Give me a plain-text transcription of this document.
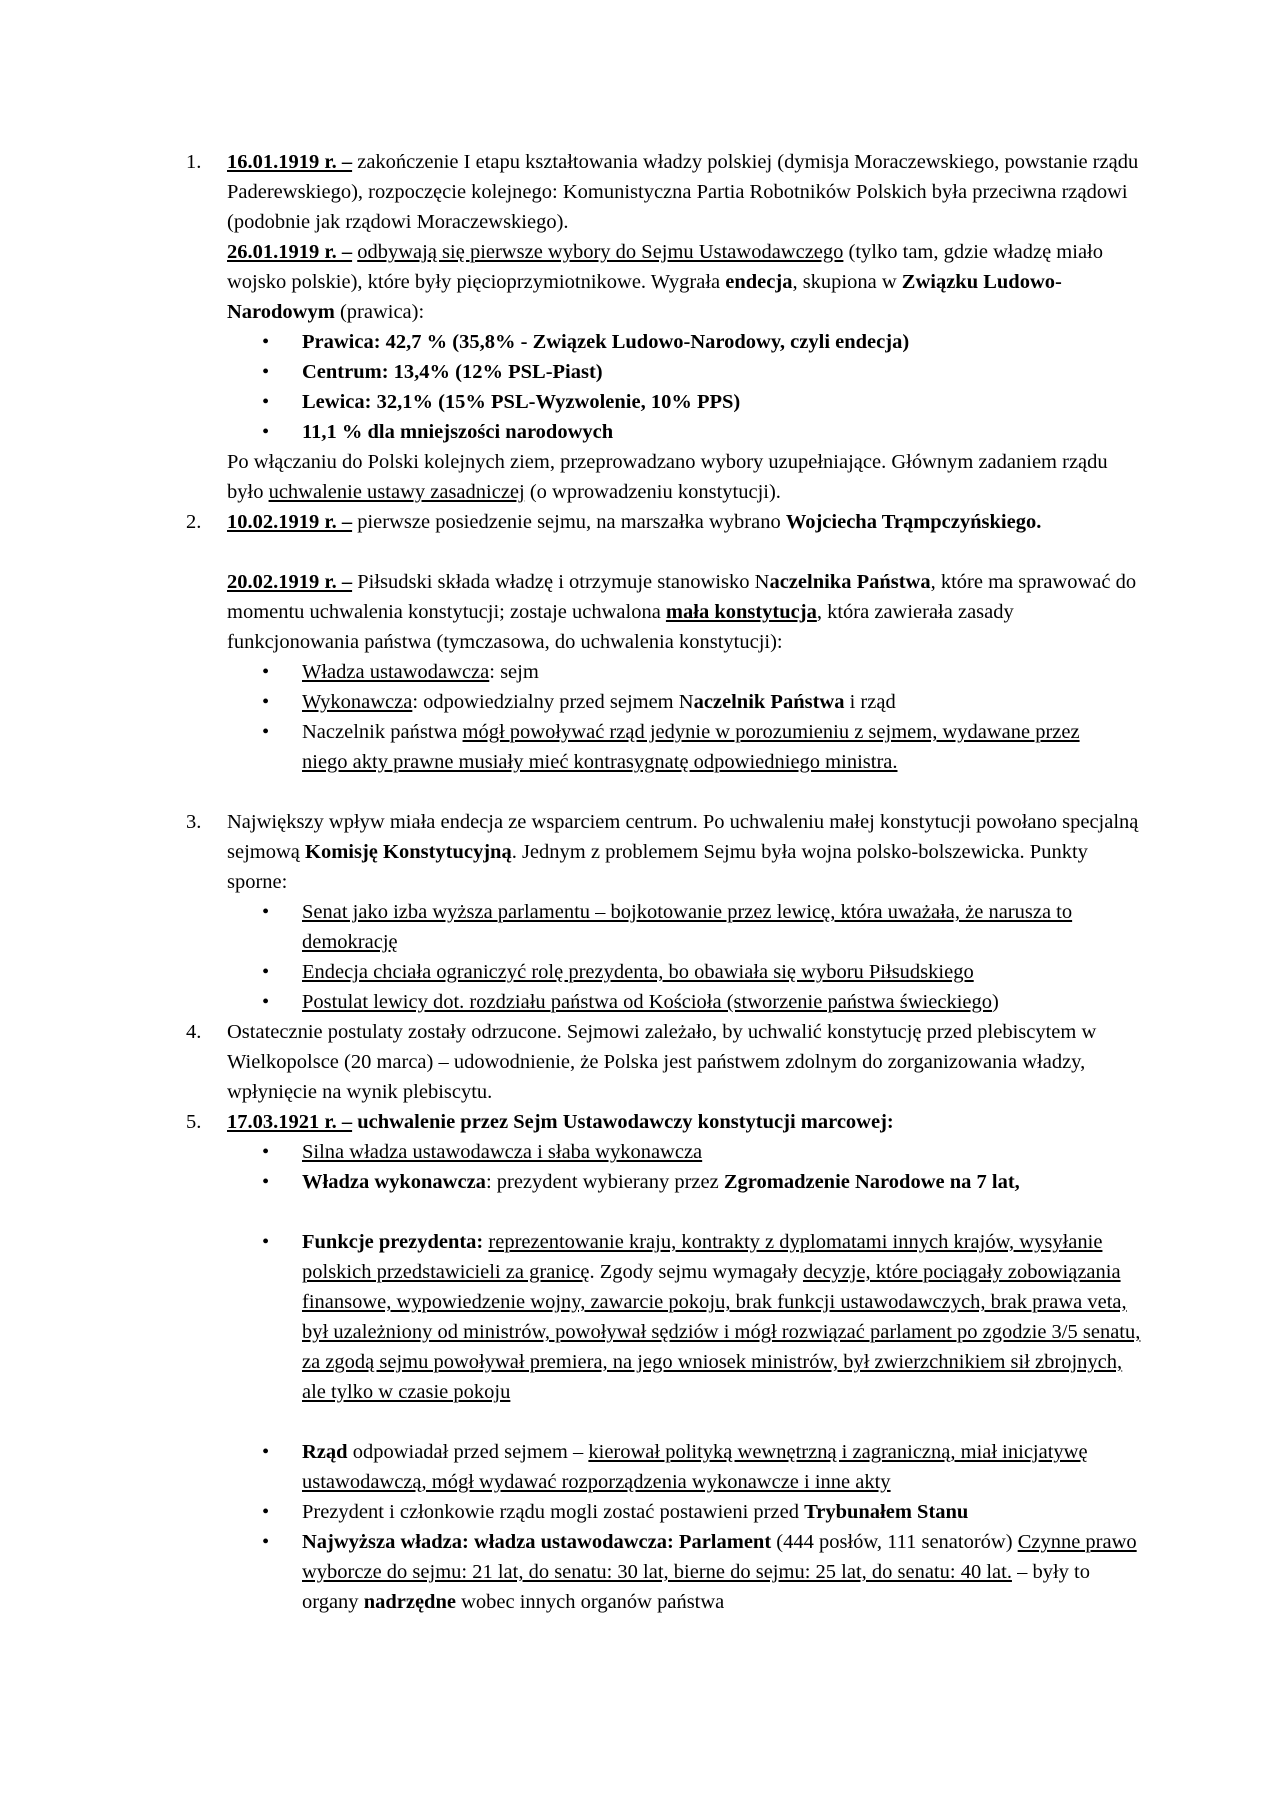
1.	16.01.1919 r. – zakończenie I etapu kształtowania władzy polskiej (dymisja Moraczewskiego, powstanie rządu Paderewskiego), rozpoczęcie kolejnego: Komunistyczna Partia Robotników Polskich była przeciwna rządowi (podobnie jak rządowi Moraczewskiego).
26.01.1919 r. – odbywają się pierwsze wybory do Sejmu Ustawodawczego (tylko tam, gdzie władzę miało wojsko polskie), które były pięcioprzymiotnikowe. Wygrała endecja, skupiona w Związku Ludowo-Narodowym (prawica):
• Prawica: 42,7 % (35,8% - Związek Ludowo-Narodowy, czyli endecja)
• Centrum: 13,4% (12% PSL-Piast)
• Lewica: 32,1% (15% PSL-Wyzwolenie, 10% PPS)
• 11,1 % dla mniejszości narodowych
Po włączaniu do Polski kolejnych ziem, przeprowadzano wybory uzupełniające. Głównym zadaniem rządu było uchwalenie ustawy zasadniczej (o wprowadzeniu konstytucji).
2.	10.02.1919 r. – pierwsze posiedzenie sejmu, na marszałka wybrano Wojciecha Trąmpczyńskiego.
20.02.1919 r. – Piłsudski składa władzę i otrzymuje stanowisko Naczelnika Państwa, które ma sprawować do momentu uchwalenia konstytucji; zostaje uchwalona mała konstytucja, która zawierała zasady funkcjonowania państwa (tymczasowa, do uchwalenia konstytucji):
• Władza ustawodawcza: sejm
• Wykonawcza: odpowiedzialny przed sejmem Naczelnik Państwa i rząd
• Naczelnik państwa mógł powoływać rząd jedynie w porozumieniu z sejmem, wydawane przez niego akty prawne musiały mieć kontrasygnatę odpowiedniego ministra.
3.	Największy wpływ miała endecja ze wsparciem centrum. Po uchwaleniu małej konstytucji powołano specjalną sejmową Komisję Konstytucyjną. Jednym z problemem Sejmu była wojna polsko-bolszewicka. Punkty sporne:
• Senat jako izba wyższa parlamentu – bojkotowanie przez lewicę, która uważała, że narusza to demokrację
• Endecja chciała ograniczyć rolę prezydenta, bo obawiała się wyboru Piłsudskiego
• Postulat lewicy dot. rozdziału państwa od Kościoła (stworzenie państwa świeckiego)
4.	Ostatecznie postulaty zostały odrzucone. Sejmowi zależało, by uchwalić konstytucję przed plebiscytem w Wielkopolsce (20 marca) – udowodnienie, że Polska jest państwem zdolnym do zorganizowania władzy, wpłynięcie na wynik plebiscytu.
5.	17.03.1921 r. – uchwalenie przez Sejm Ustawodawczy konstytucji marcowej:
• Silna władza ustawodawcza i słaba wykonawcza
• Władza wykonawcza: prezydent wybierany przez Zgromadzenie Narodowe na 7 lat,
• Funkcje prezydenta: reprezentowanie kraju, kontrakty z dyplomatami innych krajów, wysyłanie polskich przedstawicieli za granicę. Zgody sejmu wymagały decyzje, które pociągały zobowiązania finansowe, wypowiedzenie wojny, zawarcie pokoju, brak funkcji ustawodawczych, brak prawa veta, był uzależniony od ministrów, powoływał sędziów i mógł rozwiązać parlament po zgodzie 3/5 senatu, za zgodą sejmu powoływał premiera, na jego wniosek ministrów, był zwierzchnikiem sił zbrojnych, ale tylko w czasie pokoju
• Rząd odpowiadał przed sejmem – kierował polityką wewnętrzną i zagraniczną, miał inicjatywę ustawodawczą, mógł wydawać rozporządzenia wykonawcze i inne akty
• Prezydent i członkowie rządu mogli zostać postawieni przed Trybunałem Stanu
• Najwyższa władza: władza ustawodawcza: Parlament (444 posłów, 111 senatorów) Czynne prawo wyborcze do sejmu: 21 lat, do senatu: 30 lat, bierne do sejmu: 25 lat, do senatu: 40 lat. – były to organy nadrzędne wobec innych organów państwa
